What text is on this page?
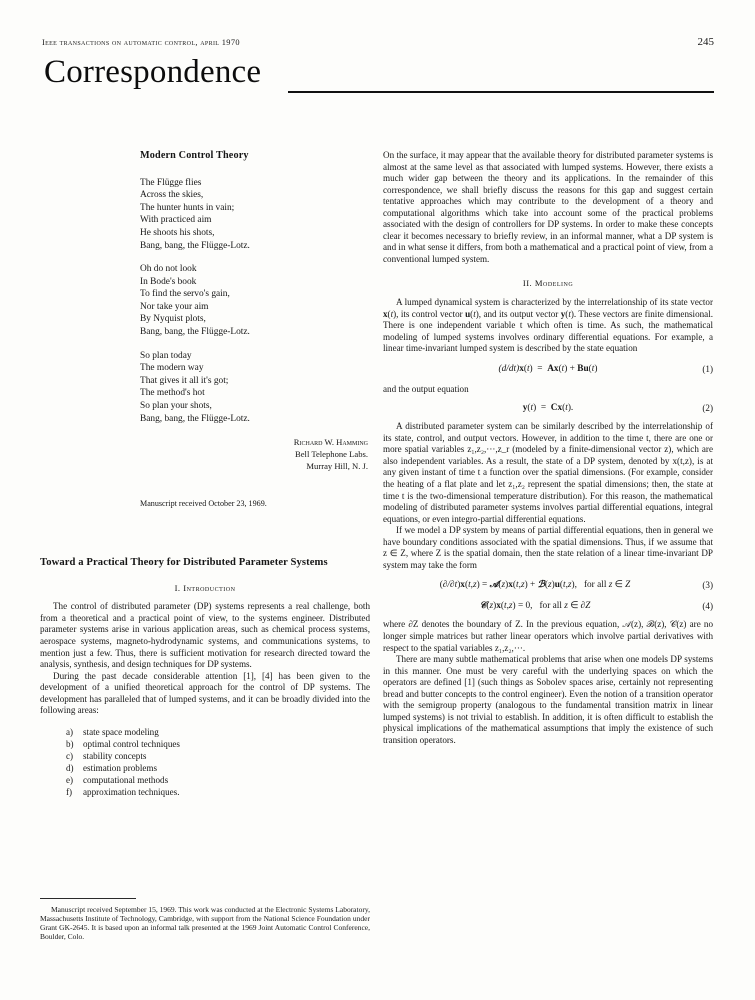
Ieee transactions on automatic control, april 1970	245
Correspondence
Modern Control Theory
The Flügge flies
Across the skies,
The hunter hunts in vain;
With practiced aim
He shoots his shots,
Bang, bang, the Flügge-Lotz.
Oh do not look
In Bode's book
To find the servo's gain,
Nor take your aim
By Nyquist plots,
Bang, bang, the Flügge-Lotz.
So plan today
The modern way
That gives it all it's got;
The method's hot
So plan your shots,
Bang, bang, the Flügge-Lotz.
Richard W. Hamming
Bell Telephone Labs.
Murray Hill, N. J.
Manuscript received October 23, 1969.
Toward a Practical Theory for Distributed Parameter Systems
I. Introduction

The control of distributed parameter (DP) systems represents a real challenge, both from a theoretical and a practical point of view, to the systems engineer. Distributed parameter systems arise in various application areas, such as chemical process systems, aerospace systems, magneto-hydrodynamic systems, and communications systems, to mention just a few. Thus, there is sufficient motivation for research directed toward the analysis, synthesis, and design techniques for DP systems.

During the past decade considerable attention [1], [4] has been given to the development of a unified theoretical approach for the control of DP systems. The development has paralleled that of lumped systems, and it can be broadly divided into the following areas:

a)	state space modeling
b)	optimal control techniques
c)	stability concepts
d)	estimation problems
e)	computational methods
f)	approximation techniques.
Manuscript received September 15, 1969. This work was conducted at the Electronic Systems Laboratory, Massachusetts Institute of Technology, Cambridge, with support from the National Science Foundation under Grant GK-2645. It is based upon an informal talk presented at the 1969 Joint Automatic Control Conference, Boulder, Colo.

On the surface, it may appear that the available theory for distributed parameter systems is almost at the same level as that associated with lumped systems. However, there exists a much wider gap between the theory and its applications. In the remainder of this correspondence, we shall briefly discuss the reasons for this gap and suggest certain tentative approaches which may contribute to the development of a theory and computational algorithms which take into account some of the practical problems associated with the design of controllers for DP systems. In order to make these concepts clear it becomes necessary to briefly review, in an informal manner, what a DP system is and in what sense it differs, from both a mathematical and a practical point of view, from a conventional lumped system.

II. Modeling

A lumped dynamical system is characterized by the interrelationship of its state vector x(t), its control vector u(t), and its output vector y(t). These vectors are finite dimensional. There is one independent variable t which often is time. As such, the mathematical modeling of lumped systems involves ordinary differential equations. For example, a linear time-invariant lumped system is described by the state equation

(d/dt)x(t)  =  Ax(t) + Bu(t)	(1)

and the output equation

y(t)  =  Cx(t).	(2)

A distributed parameter system can be similarly described by the interrelationship of its state, control, and output vectors. However, in addition to the time t, there are one or more spatial variables z₁,z₂,···,z_r (modeled by a finite-dimensional vector z), which are also independent variables. As a result, the state of a DP system, denoted by x(t,z), is at any given instant of time t a function over the spatial dimensions. (For example, consider the heating of a flat plate and let z₁,z₂ represent the spatial dimensions; then, the state at time t is the two-dimensional temperature distribution). For this reason, the mathematical modeling of distributed parameter systems involves partial differential equations, integral equations, or even integro-partial differential equations.

If we model a DP system by means of partial differential equations, then in general we have boundary conditions associated with the spatial dimensions. Thus, if we assume that z ∈ Z, where Z is the spatial domain, then the state relation of a linear time-invariant DP system may take the form

(∂/∂t)x(t,z) = 𝒜(z)x(t,z) + ℬ(z)u(t,z),   for all z ∈ Z	(3)
𝒞(z)x(t,z) = 0,   for all z ∈ ∂Z	(4)

where ∂Z denotes the boundary of Z. In the previous equation, 𝒜(z), ℬ(z), 𝒞(z) are no longer simple matrices but rather linear operators which involve partial derivatives with respect to the spatial variables z₁,z₂,···.

There are many subtle mathematical problems that arise when one models DP systems in this manner. One must be very careful with the underlying spaces on which the operators are defined [1] (such things as Sobolev spaces arise, certainly not representing bread and butter concepts to the control engineer). Even the notion of a transition operator with the semigroup property (analogous to the fundamental transition matrix in linear lumped systems) is not trivial to establish. In addition, it is often difficult to establish the physical implications of the mathematical assumptions that imply the existence of such transition operators.
